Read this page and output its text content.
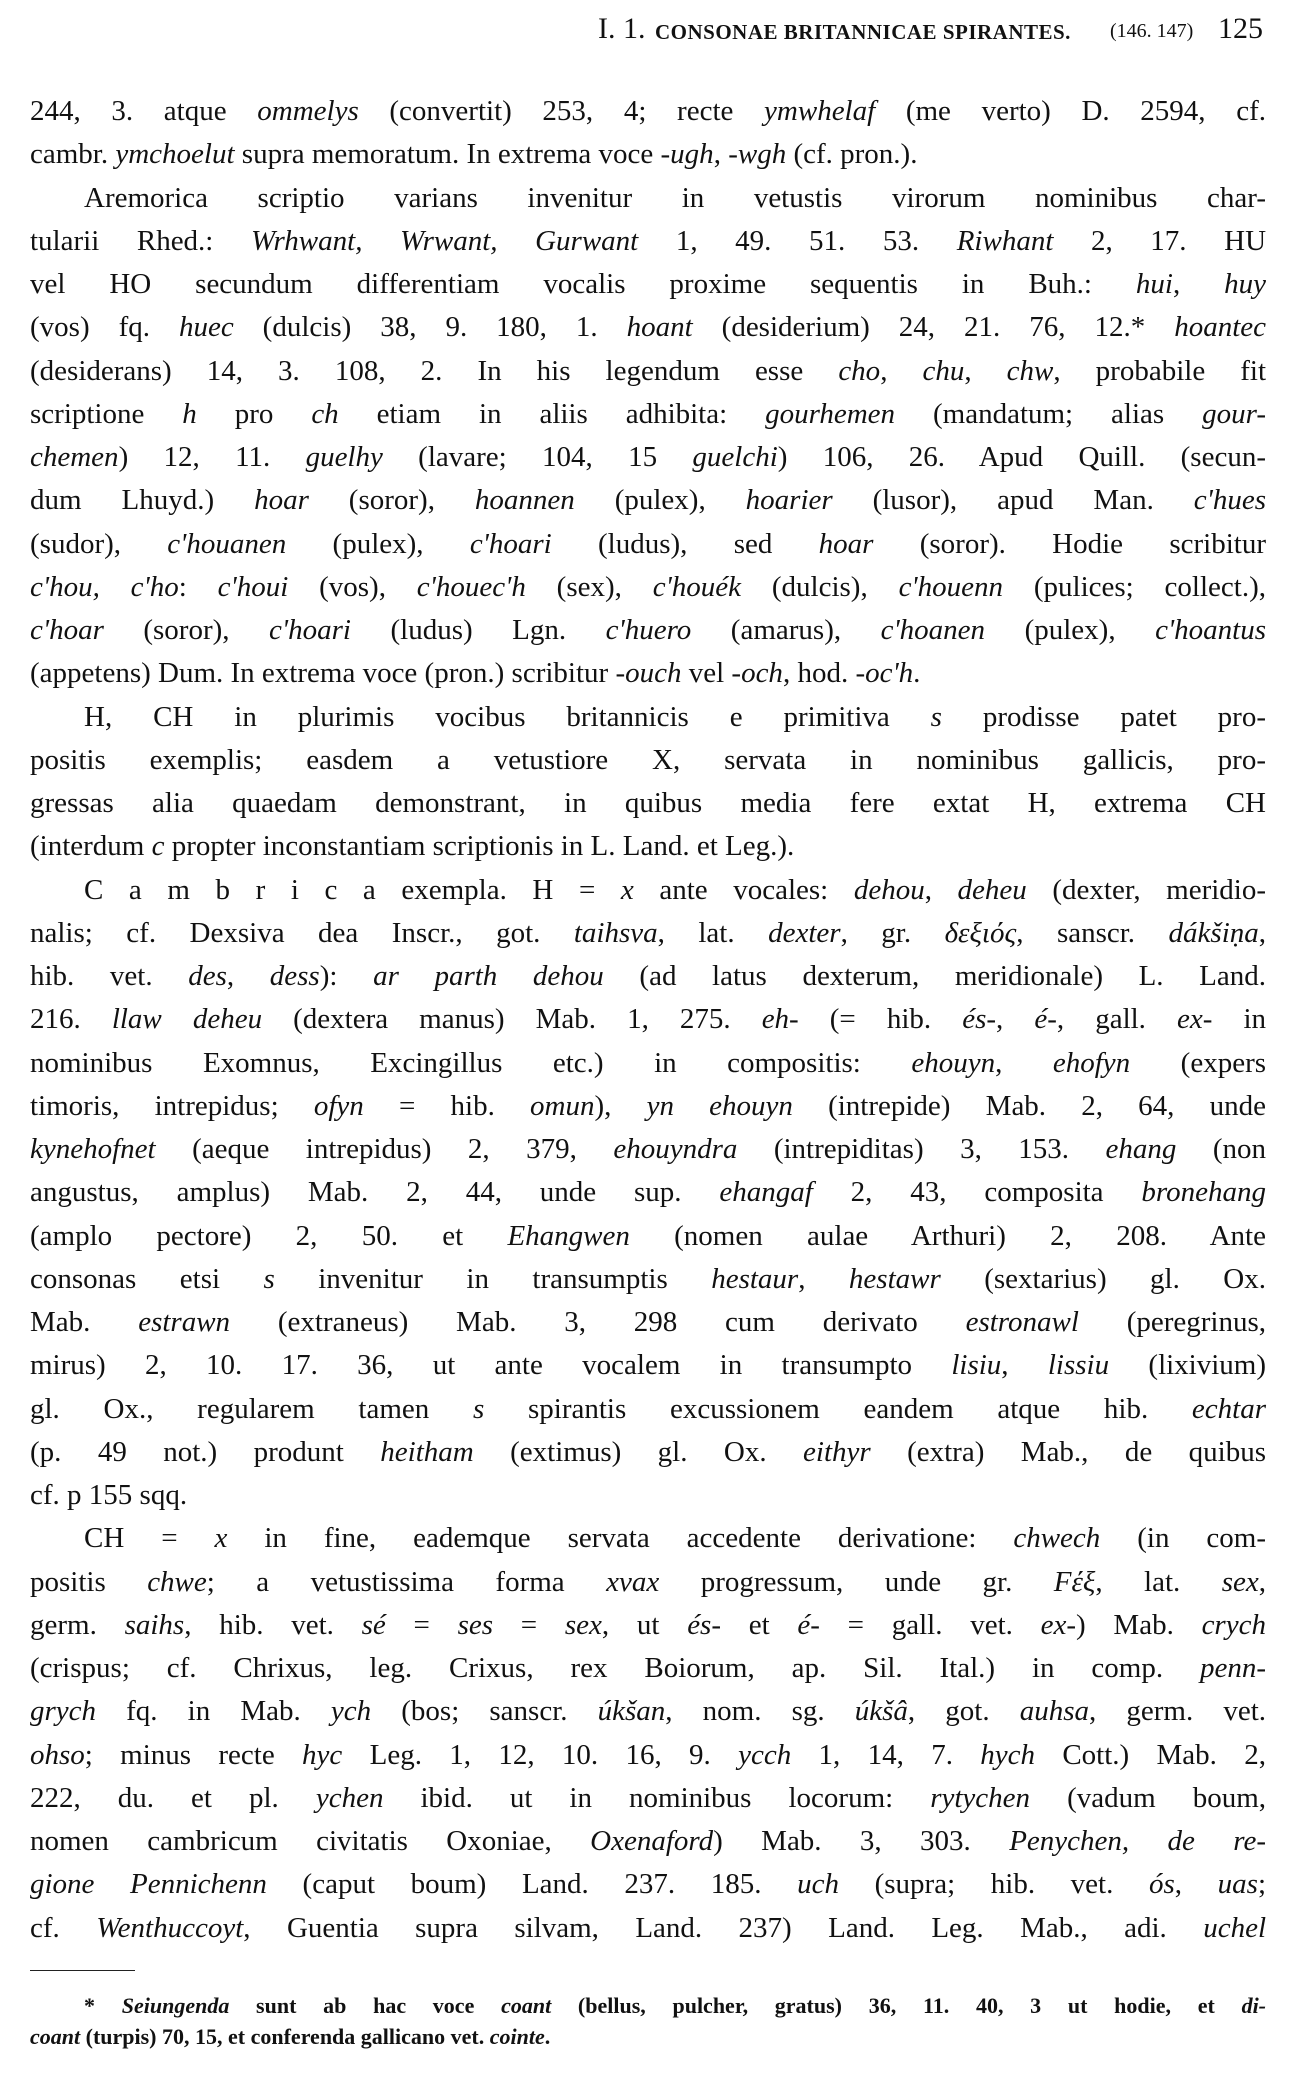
I. 1. CONSONAE BRITANNICAE SPIRANTES. (146. 147) 125
244, 3. atque ommelys (convertit) 253, 4; recte ymwhelaf (me verto) D. 2594, cf.
cambr. ymchoelut supra memoratum. In extrema voce -ugh, -wgh (cf. pron.).
Aremorica scriptio varians invenitur in vetustis virorum nominibus char-
tularii Rhed.: Wrhwant, Wrwant, Gurwant 1, 49. 51. 53. Riwhant 2, 17. HU
vel HO secundum differentiam vocalis proxime sequentis in Buh.: hui, huy
(vos) fq. huec (dulcis) 38, 9. 180, 1. hoant (desiderium) 24, 21. 76, 12.* hoantec
(desiderans) 14, 3. 108, 2. In his legendum esse cho, chu, chw, probabile fit
scriptione h pro ch etiam in aliis adhibita: gourhemen (mandatum; alias gour-
chemen) 12, 11. guelhy (lavare; 104, 15 guelchi) 106, 26. Apud Quill. (secun-
dum Lhuyd.) hoar (soror), hoannen (pulex), hoarier (lusor), apud Man. c'hues
(sudor), c'houanen (pulex), c'hoari (ludus), sed hoar (soror). Hodie scribitur
c'hou, c'ho: c'houi (vos), c'houec'h (sex), c'houék (dulcis), c'houenn (pulices; collect.),
c'hoar (soror), c'hoari (ludus) Lgn. c'huero (amarus), c'hoanen (pulex), c'hoantus
(appetens) Dum. In extrema voce (pron.) scribitur -ouch vel -och, hod. -oc'h.
H, CH in plurimis vocibus britannicis e primitiva s prodisse patet pro-
positis exemplis; easdem a vetustiore X, servata in nominibus gallicis, pro-
gressas alia quaedam demonstrant, in quibus media fere extat H, extrema CH
(interdum c propter inconstantiam scriptionis in L. Land. et Leg.).
C a m b r i c a exempla. H = x ante vocales: dehou, deheu (dexter, meridio-
nalis; cf. Dexsiva dea Inscr., got. taihsva, lat. dexter, gr. δεξιός, sanscr. dákšiṇa,
hib. vet. des, dess): ar parth dehou (ad latus dexterum, meridionale) L. Land.
216. llaw deheu (dextera manus) Mab. 1, 275. eh- (= hib. és-, é-, gall. ex- in
nominibus Exomnus, Excingillus etc.) in compositis: ehouyn, ehofyn (expers
timoris, intrepidus; ofyn = hib. omun), yn ehouyn (intrepide) Mab. 2, 64, unde
kynehofnet (aeque intrepidus) 2, 379, ehouyndra (intrepiditas) 3, 153. ehang (non
angustus, amplus) Mab. 2, 44, unde sup. ehangaf 2, 43, composita bronehang
(amplo pectore) 2, 50. et Ehangwen (nomen aulae Arthuri) 2, 208. Ante
consonas etsi s invenitur in transumptis hestaur, hestawr (sextarius) gl. Ox.
Mab. estrawn (extraneus) Mab. 3, 298 cum derivato estronawl (peregrinus,
mirus) 2, 10. 17. 36, ut ante vocalem in transumpto lisiu, lissiu (lixivium)
gl. Ox., regularem tamen s spirantis excussionem eandem atque hib. echtar
(p. 49 not.) produnt heitham (extimus) gl. Ox. eithyr (extra) Mab., de quibus
cf. p 155 sqq.
CH = x in fine, eademque servata accedente derivatione: chwech (in com-
positis chwe; a vetustissima forma xvax progressum, unde gr. Fέξ, lat. sex,
germ. saihs, hib. vet. sé = ses = sex, ut és- et é- = gall. vet. ex-) Mab. crych
(crispus; cf. Chrixus, leg. Crixus, rex Boiorum, ap. Sil. Ital.) in comp. penn-
grych fq. in Mab. ych (bos; sanscr. úkšan, nom. sg. úkšâ, got. auhsa, germ. vet.
ohso; minus recte hyc Leg. 1, 12, 10. 16, 9. ycch 1, 14, 7. hych Cott.) Mab. 2,
222, du. et pl. ychen ibid. ut in nominibus locorum: rytychen (vadum boum,
nomen cambricum civitatis Oxoniae, Oxenaford) Mab. 3, 303. Penychen, de re-
gione Pennichenn (caput boum) Land. 237. 185. uch (supra; hib. vet. ós, uas;
cf. Wenthuccoyt, Guentia supra silvam, Land. 237) Land. Leg. Mab., adi. uchel
* Seiungenda sunt ab hac voce coant (bellus, pulcher, gratus) 36, 11. 40, 3 ut hodie, et di-
coant (turpis) 70, 15, et conferenda gallicano vet. cointe.
